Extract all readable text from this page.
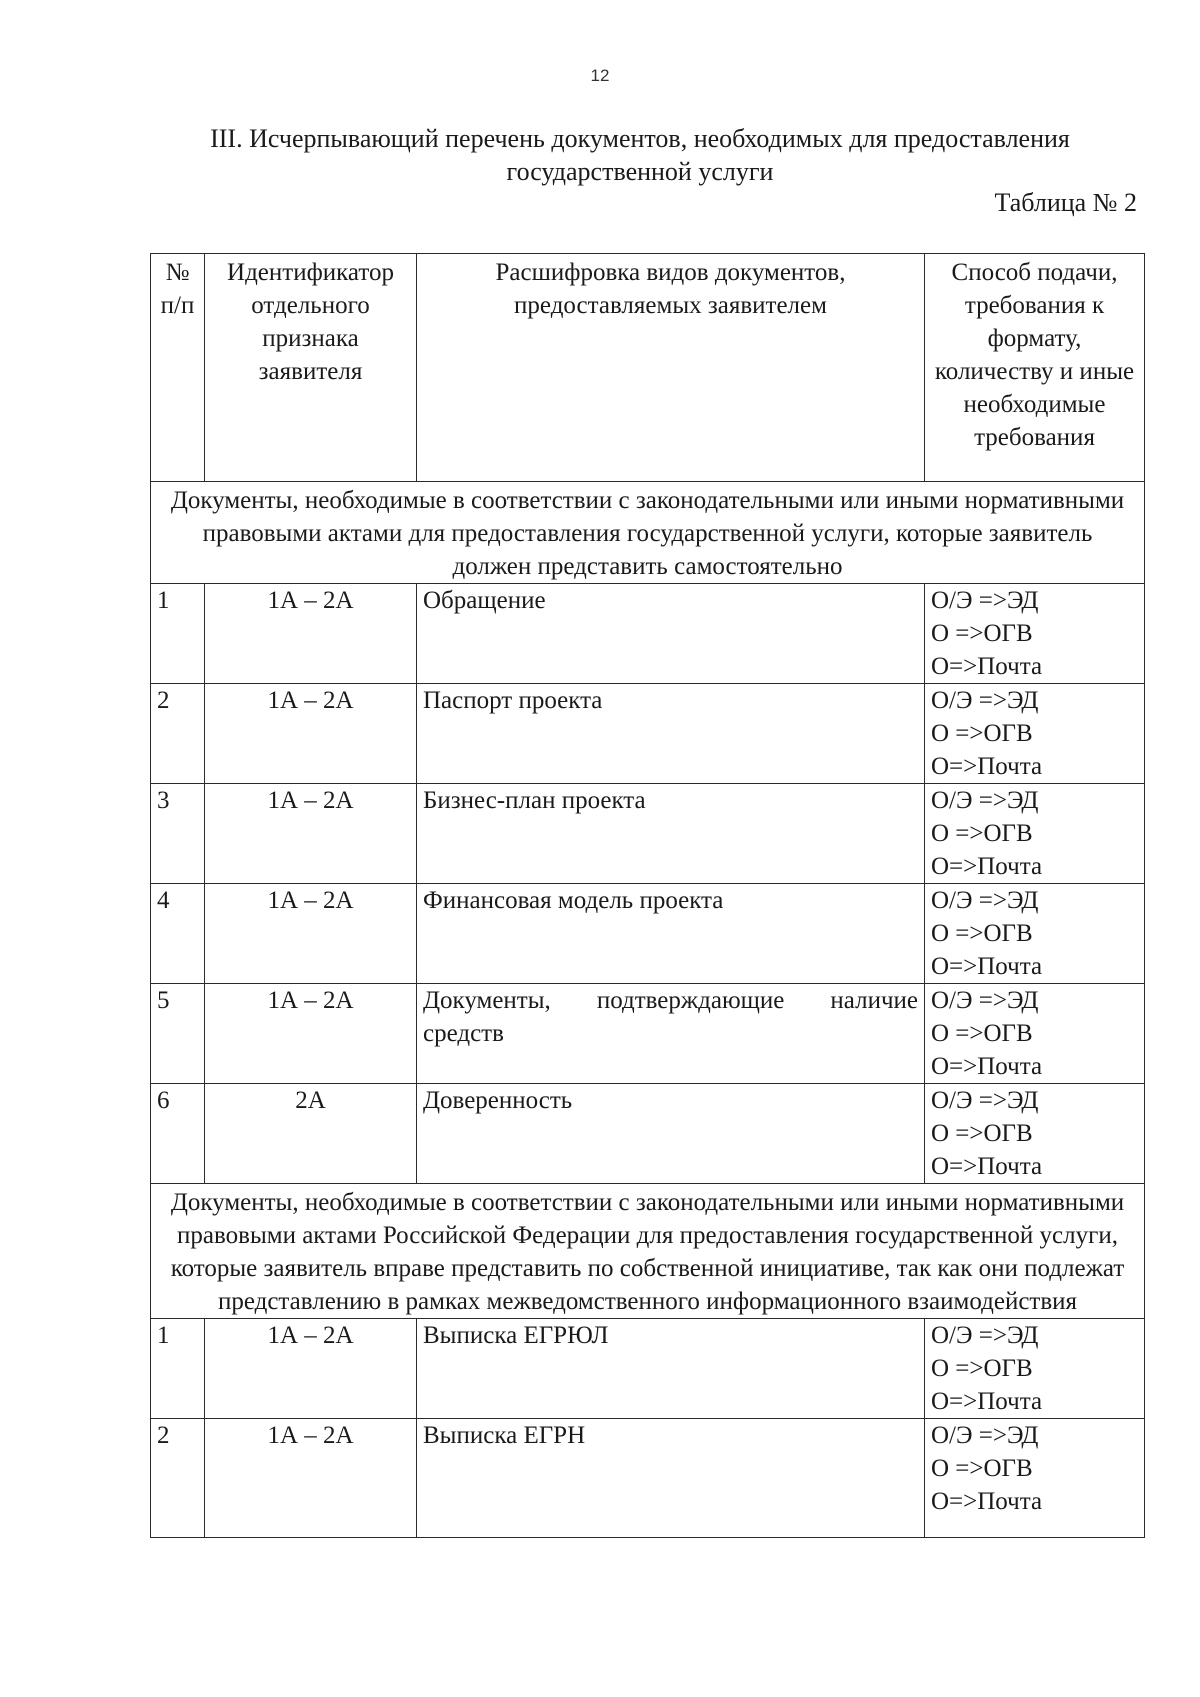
12
III. Исчерпывающий перечень документов, необходимых для предоставления
государственной услуги
Таблица № 2
№ п/п	Идентификатор отдельного признака заявителя	Расшифровка видов документов, предоставляемых заявителем	Способ подачи, требования к формату, количеству и иные необходимые требования
Документы, необходимые в соответствии с законодательными или иными нормативными правовыми актами для предоставления государственной услуги, которые заявитель должен представить самостоятельно			
1	1А – 2А	Обращение	О/Э =>ЭД
О =>ОГВ
О=>Почта

2	1А – 2А	Паспорт проекта	О/Э =>ЭД
О =>ОГВ
О=>Почта

3	1А – 2А	Бизнес-план проекта	О/Э =>ЭД
О =>ОГВ
О=>Почта

4	1А – 2А	Финансовая модель проекта	О/Э =>ЭД
О =>ОГВ
О=>Почта

5	1А – 2А	Документы, подтверждающие наличие средств	О/Э =>ЭД
О =>ОГВ
О=>Почта

6	2А	Доверенность	О/Э =>ЭД
О =>ОГВ
О=>Почта

Документы, необходимые в соответствии с законодательными или иными нормативными правовыми актами Российской Федерации для предоставления государственной услуги, которые заявитель вправе представить по собственной инициативе, так как они подлежат представлению в рамках межведомственного информационного взаимодействия			
1	1А – 2А	Выписка ЕГРЮЛ	О/Э =>ЭД
О =>ОГВ
О=>Почта

2	1А – 2А	Выписка ЕГРН	О/Э =>ЭД
О =>ОГВ
О=>Почта
